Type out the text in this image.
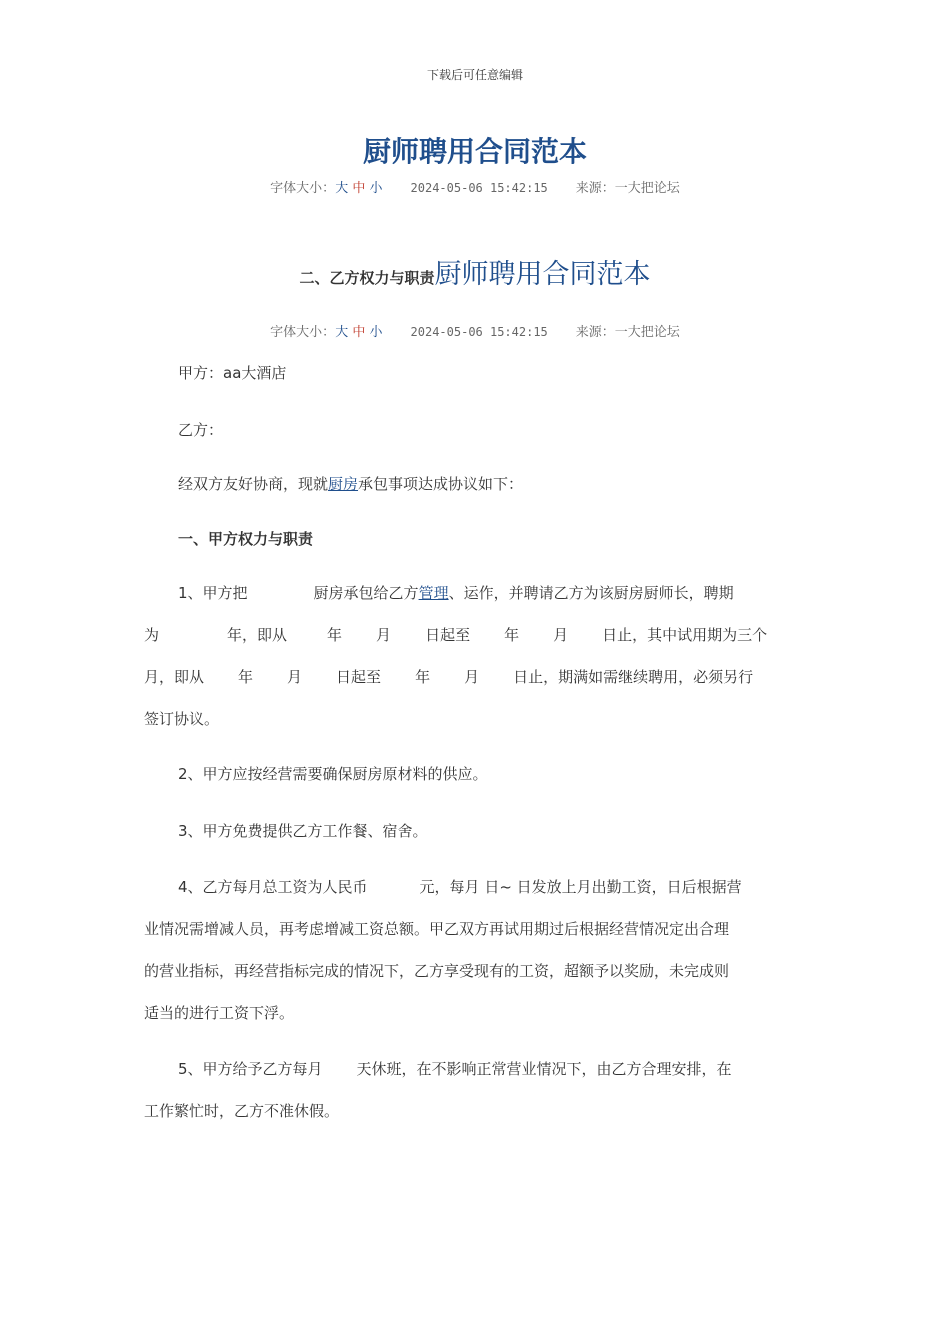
下载后可任意编辑
厨师聘用合同范本
字体大小：大 中 小 2024-05-06 15:42:15 来源：一大把论坛
二、乙方权力与职责厨师聘用合同范本
字体大小：大 中 小 2024-05-06 15:42:15 来源：一大把论坛
甲方：aa大酒店
乙方：
经双方友好协商，现就厨房承包事项达成协议如下：
一、甲方权力与职责
1、甲方把	厨房承包给乙方管理、运作，并聘请乙方为该厨房厨师长，聘期
为	年，即从	年 月 日起至 年 月 日止，其中试用期为三个
月，即从 年 月 日起至 年 月 日止，期满如需继续聘用，必须另行
签订协议。
2、甲方应按经营需要确保厨房原材料的供应。
3、甲方免费提供乙方工作餐、宿舍。
4、乙方每月总工资为人民币	元，每月 日~ 日发放上月出勤工资，日后根据营
业情况需增减人员，再考虑增减工资总额。甲乙双方再试用期过后根据经营情况定出合理
的营业指标，再经营指标完成的情况下，乙方享受现有的工资，超额予以奖励，未完成则
适当的进行工资下浮。
5、甲方给予乙方每月 天休班，在不影响正常营业情况下，由乙方合理安排，在
工作繁忙时，乙方不准休假。
